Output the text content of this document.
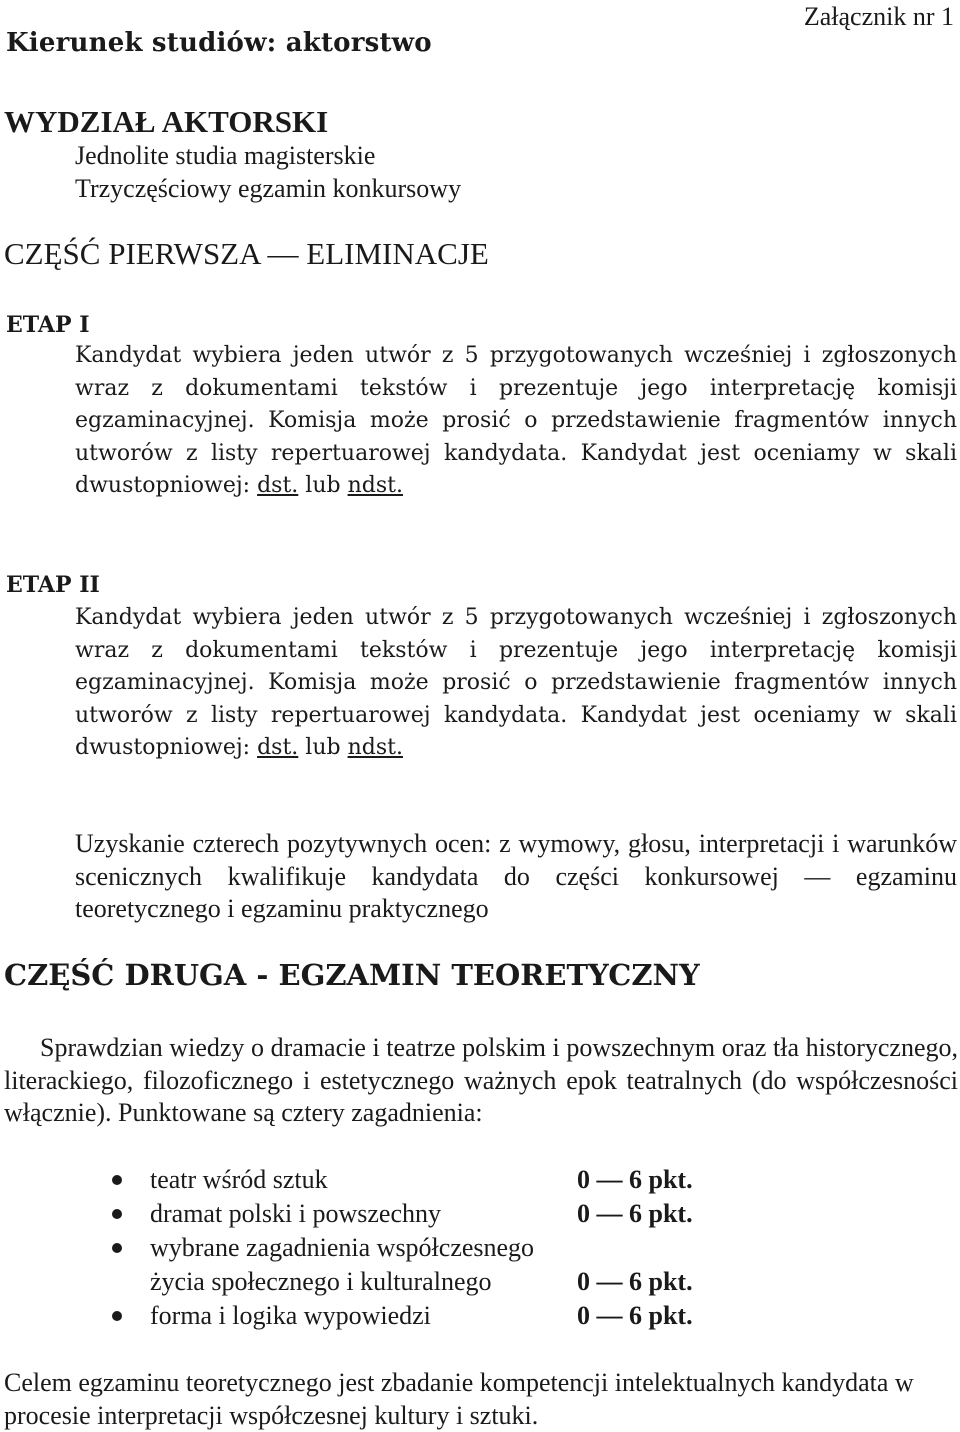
Załącznik nr 1
Kierunek studiów: aktorstwo
WYDZIAŁ AKTORSKI
Jednolite studia magisterskie
Trzyczęściowy egzamin konkursowy
CZĘŚĆ PIERWSZA — ELIMINACJE
ETAP I
Kandydat wybiera jeden utwór z 5 przygotowanych wcześniej i zgłoszonych wraz z dokumentami tekstów i prezentuje jego interpretację komisji egzaminacyjnej. Komisja może prosić o przedstawienie fragmentów innych utworów z listy repertuarowej kandydata. Kandydat jest oceniamy w skali dwustopniowej: dst. lub ndst.
ETAP II
Kandydat wybiera jeden utwór z 5 przygotowanych wcześniej i zgłoszonych wraz z dokumentami tekstów i prezentuje jego interpretację komisji egzaminacyjnej. Komisja może prosić o przedstawienie fragmentów innych utworów z listy repertuarowej kandydata. Kandydat jest oceniamy w skali dwustopniowej: dst. lub ndst.
Uzyskanie czterech pozytywnych ocen: z wymowy, głosu, interpretacji i warunków scenicznych kwalifikuje kandydata do części konkursowej — egzaminu teoretycznego i egzaminu praktycznego
CZĘŚĆ DRUGA - EGZAMIN TEORETYCZNY
Sprawdzian wiedzy o dramacie i teatrze polskim i powszechnym oraz tła historycznego, literackiego, filozoficznego i estetycznego ważnych epok teatralnych (do współczesności włącznie). Punktowane są cztery zagadnienia:
teatr wśród sztuk	0 — 6 pkt.
dramat polski i powszechny	0 — 6 pkt.
wybrane zagadnienia współczesnego
życia społecznego i kulturalnego	0 — 6 pkt.
forma i logika wypowiedzi	0 — 6 pkt.
Celem egzaminu teoretycznego jest zbadanie kompetencji intelektualnych kandydata w procesie interpretacji współczesnej kultury i sztuki.
